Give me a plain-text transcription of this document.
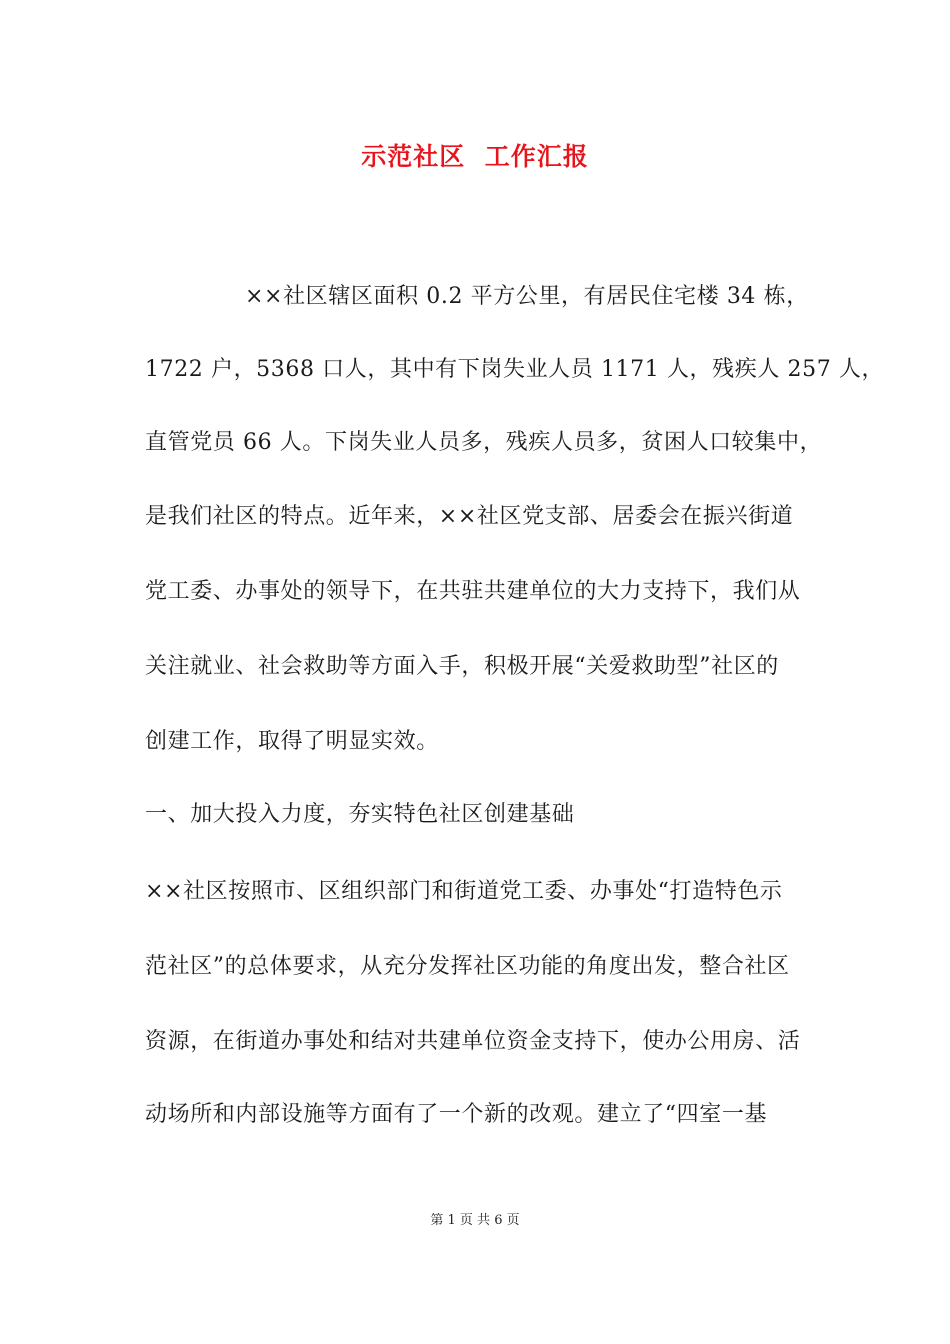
示范社区  工作汇报
××社区辖区面积 0.2 平方公里，有居民住宅楼 34 栋，
1722 户，5368 口人，其中有下岗失业人员 1171 人，残疾人 257 人，
直管党员 66 人。下岗失业人员多，残疾人员多，贫困人口较集中，
是我们社区的特点。近年来，××社区党支部、居委会在振兴街道
党工委、办事处的领导下，在共驻共建单位的大力支持下，我们从
关注就业、社会救助等方面入手，积极开展“关爱救助型”社区的
创建工作，取得了明显实效。
一、加大投入力度，夯实特色社区创建基础
××社区按照市、区组织部门和街道党工委、办事处“打造特色示
范社区”的总体要求，从充分发挥社区功能的角度出发，整合社区
资源，在街道办事处和结对共建单位资金支持下，使办公用房、活
动场所和内部设施等方面有了一个新的改观。建立了“四室一基
第 1 页 共 6 页
